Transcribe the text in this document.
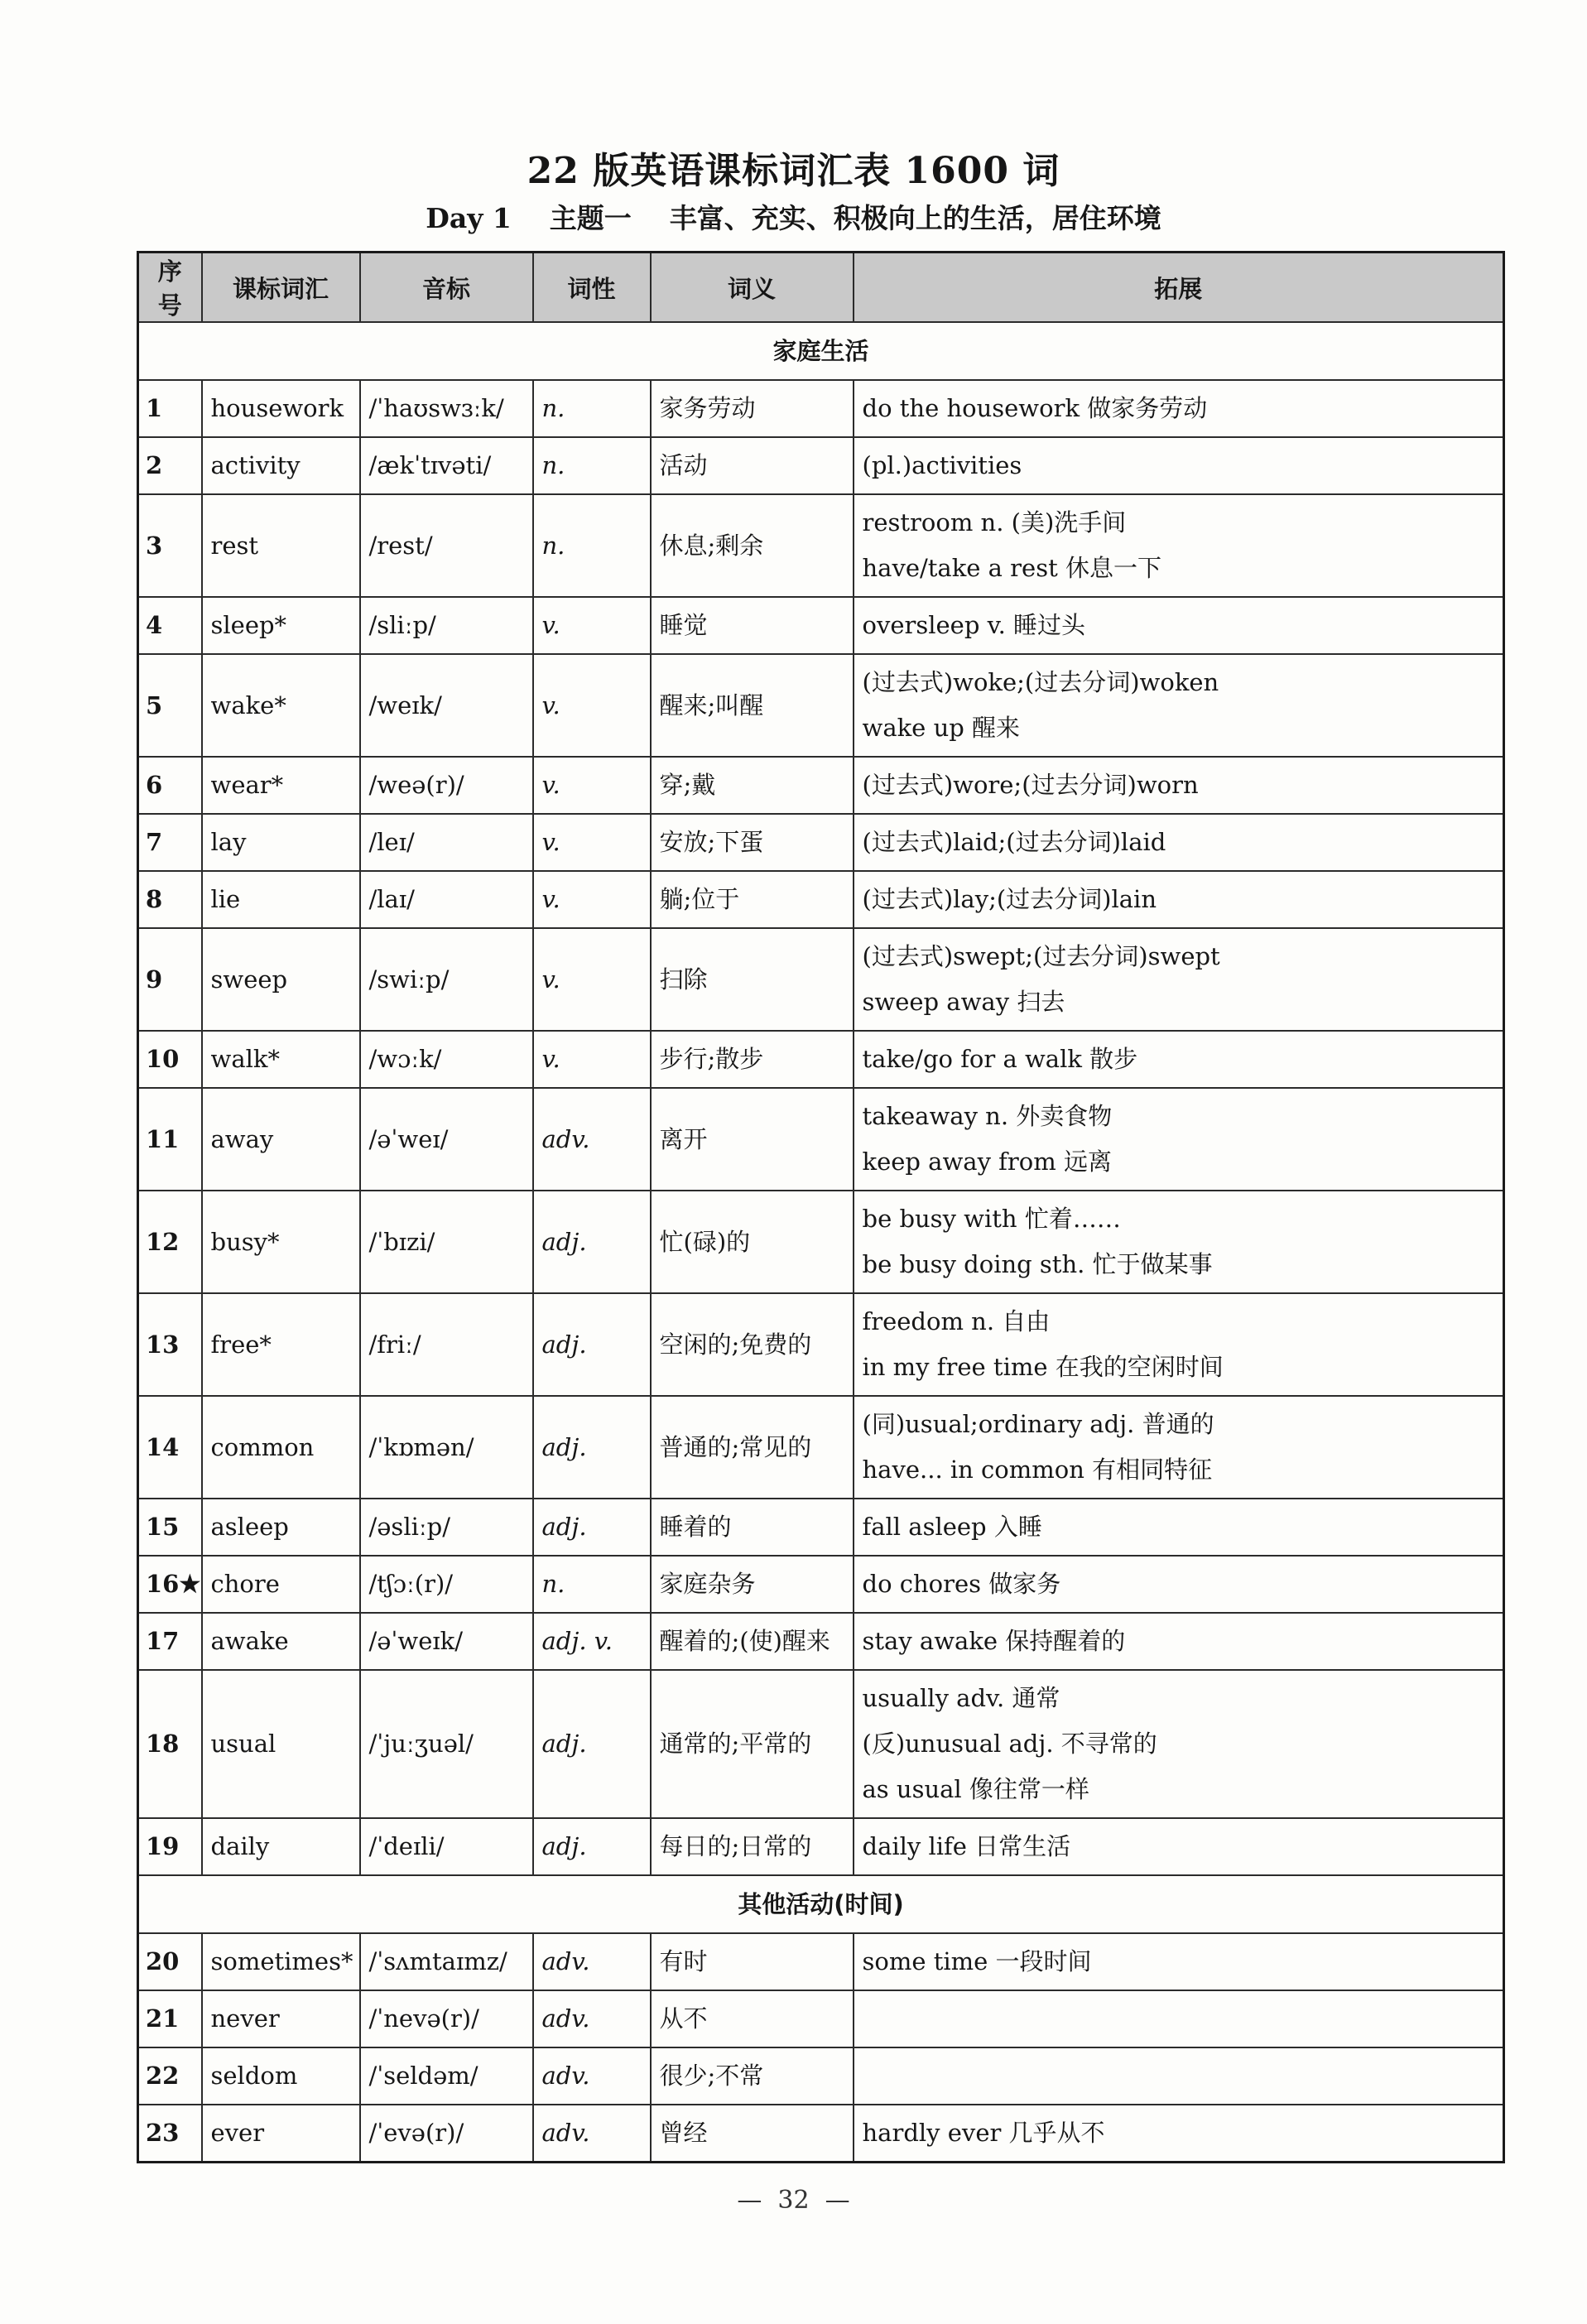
22 版英语课标词汇表 1600 词
Day 1    主题一    丰富、充实、积极向上的生活，居住环境
序号	课标词汇	音标	词性	词义	拓展
家庭生活					
1	housework	/ˈhaʊswɜːk/	n.	家务劳动	do the housework 做家务劳动

2	activity	/ækˈtɪvəti/	n.	活动	(pl.)activities

3	rest	/rest/	n.	休息;剩余	restroom n. (美)洗手间
have/take a rest 休息一下

4	sleep*	/sliːp/	v.	睡觉	oversleep v. 睡过头

5	wake*	/weɪk/	v.	醒来;叫醒	(过去式)woke;(过去分词)woken
wake up 醒来

6	wear*	/weə(r)/	v.	穿;戴	(过去式)wore;(过去分词)worn

7	lay	/leɪ/	v.	安放;下蛋	(过去式)laid;(过去分词)laid

8	lie	/laɪ/	v.	躺;位于	(过去式)lay;(过去分词)lain

9	sweep	/swiːp/	v.	扫除	(过去式)swept;(过去分词)swept
sweep away 扫去

10	walk*	/wɔːk/	v.	步行;散步	take/go for a walk 散步

11	away	/əˈweɪ/	adv.	离开	takeaway n. 外卖食物
keep away from 远离

12	busy*	/ˈbɪzi/	adj.	忙(碌)的	be busy with 忙着……
be busy doing sth. 忙于做某事

13	free*	/friː/	adj.	空闲的;免费的	freedom n. 自由
in my free time 在我的空闲时间

14	common	/ˈkɒmən/	adj.	普通的;常见的	(同)usual;ordinary adj. 普通的
have... in common 有相同特征

15	asleep	/əsliːp/	adj.	睡着的	fall asleep 入睡

16★	chore	/tʃɔː(r)/	n.	家庭杂务	do chores 做家务

17	awake	/əˈweɪk/	adj. v.	醒着的;(使)醒来	stay awake 保持醒着的

18	usual	/ˈjuːʒuəl/	adj.	通常的;平常的	usually adv. 通常
(反)unusual adj. 不寻常的
as usual 像往常一样

19	daily	/ˈdeɪli/	adj.	每日的;日常的	daily life 日常生活

其他活动(时间)					
20	sometimes*	/ˈsʌmtaɪmz/	adv.	有时	some time 一段时间

21	never	/ˈnevə(r)/	adv.	从不	
22	seldom	/ˈseldəm/	adv.	很少;不常	
23	ever	/ˈevə(r)/	adv.	曾经	hardly ever 几乎从不
—  32  —
